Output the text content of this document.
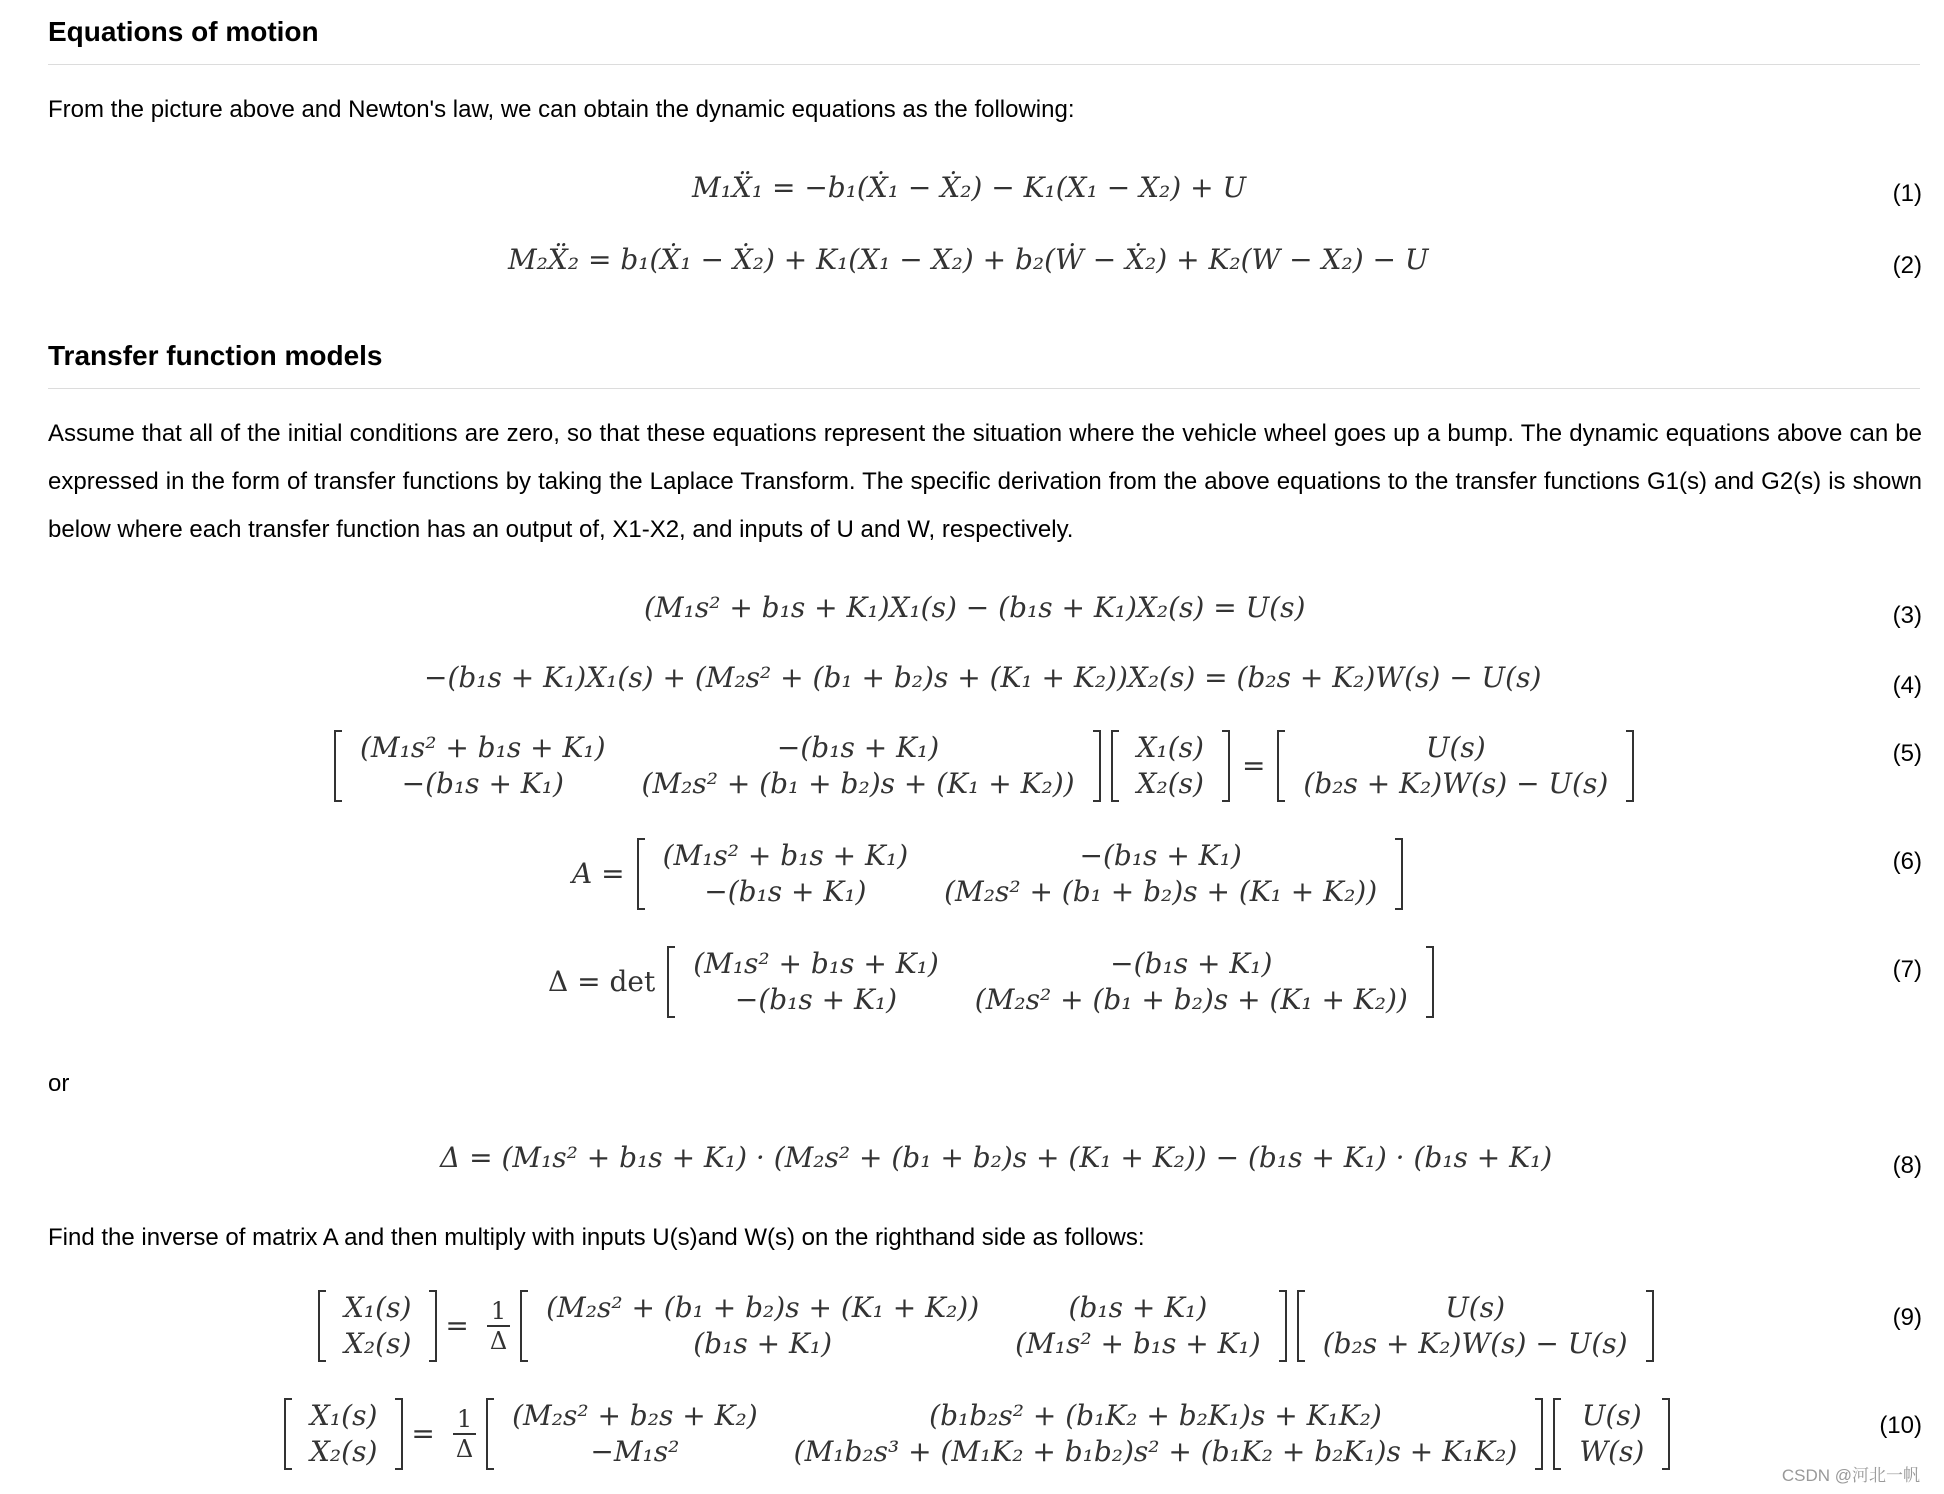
Equations of motion
From the picture above and Newton's law, we can obtain the dynamic equations as the following:
M₁Ẍ₁ = −b₁(Ẋ₁ − Ẋ₂) − K₁(X₁ − X₂) + U	(1)
M₂Ẍ₂ = b₁(Ẋ₁ − Ẋ₂) + K₁(X₁ − X₂) + b₂(Ẇ − Ẋ₂) + K₂(W − X₂) − U	(2)
Transfer function models
Assume that all of the initial conditions are zero, so that these equations represent the situation where the vehicle wheel goes up a bump. The dynamic equations above can be expressed in the form of transfer functions by taking the Laplace Transform. The specific derivation from the above equations to the transfer functions G1(s) and G2(s) is shown below where each transfer function has an output of, X1-X2, and inputs of U and W, respectively.
(M₁s² + b₁s + K₁)X₁(s) − (b₁s + K₁)X₂(s) = U(s)	(3)
−(b₁s + K₁)X₁(s) + (M₂s² + (b₁ + b₂)s + (K₁ + K₂))X₂(s) = (b₂s + K₂)W(s) − U(s)	(4)
(M₁s² + b₁s + K₁)	−(b₁s + K₁)
−(b₁s + K₁)	(M₂s² + (b₁ + b₂)s + (K₁ + K₂))
X₁(s)
X₂(s)
=
U(s)
(b₂s + K₂)W(s) − U(s)
(5)
A =
(M₁s² + b₁s + K₁)	−(b₁s + K₁)
−(b₁s + K₁)	(M₂s² + (b₁ + b₂)s + (K₁ + K₂))
(6)
Δ = det
(M₁s² + b₁s + K₁)	−(b₁s + K₁)
−(b₁s + K₁)	(M₂s² + (b₁ + b₂)s + (K₁ + K₂))
(7)
or
Δ = (M₁s² + b₁s + K₁) · (M₂s² + (b₁ + b₂)s + (K₁ + K₂)) − (b₁s + K₁) · (b₁s + K₁)	(8)
Find the inverse of matrix A and then multiply with inputs U(s)and W(s) on the righthand side as follows:
X₁(s)
X₂(s)
= $\frac{1}{\Delta}$	(M₂s² + (b₁ + b₂)s + (K₁ + K₂))	(b₁s + K₁)
(b₁s + K₁)	(M₁s² + b₁s + K₁)
U(s)
(b₂s + K₂)W(s) − U(s)
(9)
X₁(s)
X₂(s)
= $\frac{1}{\Delta}$	(M₂s² + b₂s + K₂)	(b₁b₂s² + (b₁K₂ + b₂K₁)s + K₁K₂)
−M₁s²	(M₁b₂s³ + (M₁K₂ + b₁b₂)s² + (b₁K₂ + b₂K₁)s + K₁K₂)
U(s)
W(s)
(10)
CSDN @河北一帆
